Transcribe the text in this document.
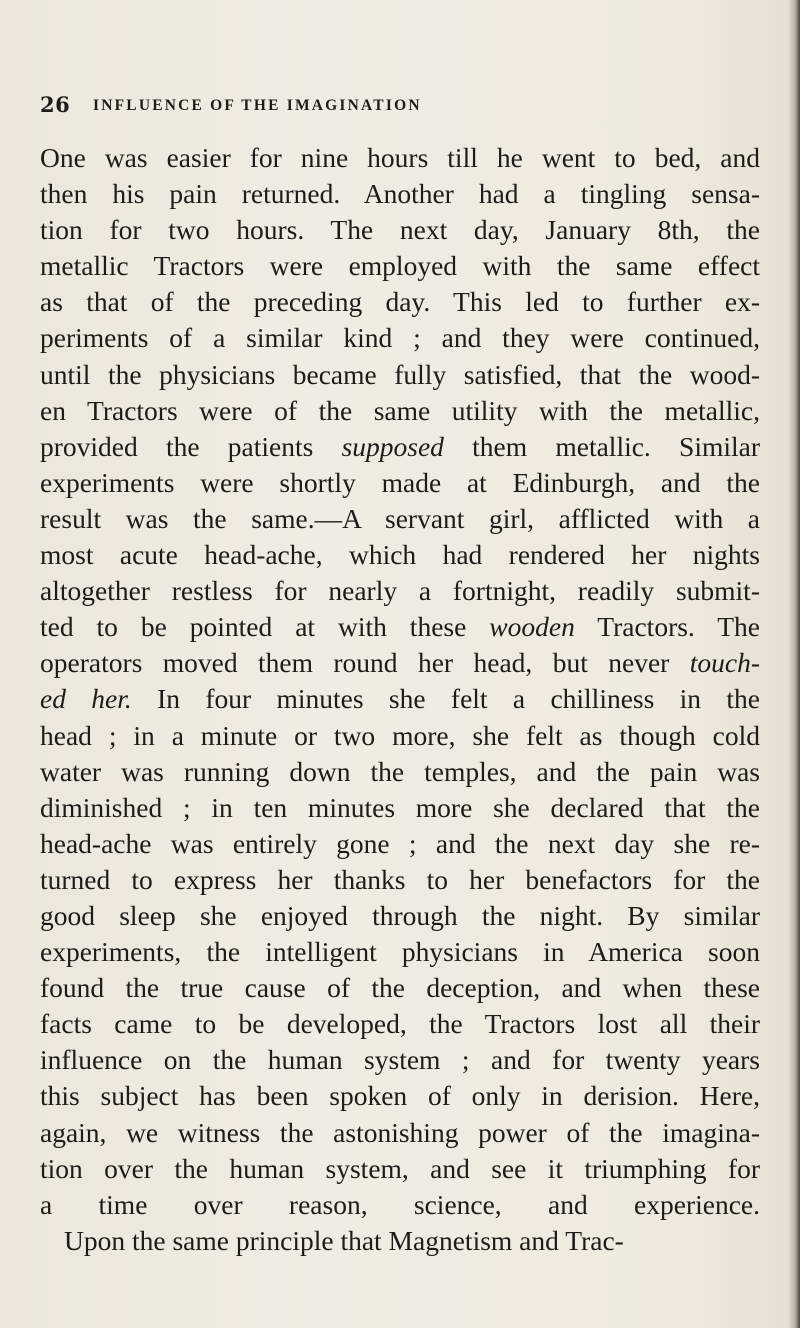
26 INFLUENCE OF THE IMAGINATION
One was easier for nine hours till he went to bed, and
then his pain returned. Another had a tingling sensa-
tion for two hours. The next day, January 8th, the
metallic Tractors were employed with the same effect
as that of the preceding day. This led to further ex-
periments of a similar kind ; and they were continued,
until the physicians became fully satisfied, that the wood-
en Tractors were of the same utility with the metallic,
provided the patients supposed them metallic. Similar
experiments were shortly made at Edinburgh, and the
result was the same.—A servant girl, afflicted with a
most acute head-ache, which had rendered her nights
altogether restless for nearly a fortnight, readily submit-
ted to be pointed at with these wooden Tractors. The
operators moved them round her head, but never touch-
ed her. In four minutes she felt a chilliness in the
head ; in a minute or two more, she felt as though cold
water was running down the temples, and the pain was
diminished ; in ten minutes more she declared that the
head-ache was entirely gone ; and the next day she re-
turned to express her thanks to her benefactors for the
good sleep she enjoyed through the night. By similar
experiments, the intelligent physicians in America soon
found the true cause of the deception, and when these
facts came to be developed, the Tractors lost all their
influence on the human system ; and for twenty years
this subject has been spoken of only in derision. Here,
again, we witness the astonishing power of the imagina-
tion over the human system, and see it triumphing for
a time over reason, science, and experience.
Upon the same principle that Magnetism and Trac-
